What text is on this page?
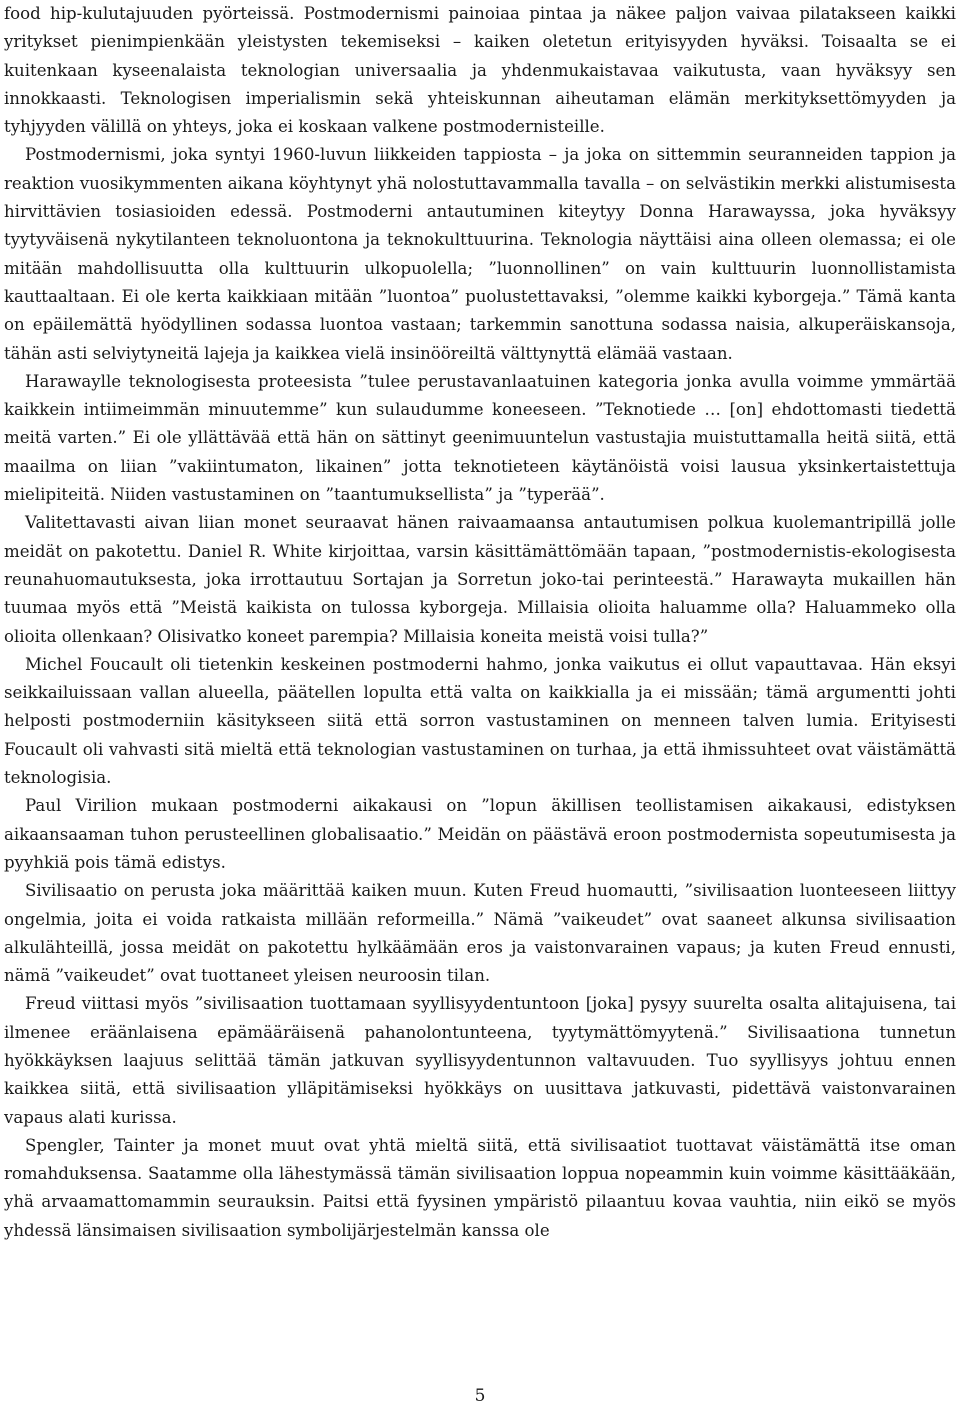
food hip-kulutajuuden pyörteissä. Postmodernismi painoiaa pintaa ja näkee paljon vaivaa pilatakseen kaikki yritykset pienimpienkään yleistysten tekemiseksi – kaiken oletetun erityisyyden hyväksi. Toisaalta se ei kuitenkaan kyseenalaista teknologian universaalia ja yhdenmukaistavaa vaikutusta, vaan hyväksyy sen innokkaasti. Teknologisen imperialismin sekä yhteiskunnan aiheutaman elämän merkityksettömyyden ja tyhjyyden välillä on yhteys, joka ei koskaan valkene postmodernisteille.

Postmodernismi, joka syntyi 1960-luvun liikkeiden tappiosta – ja joka on sittemmin seuranneiden tappion ja reaktion vuosikymmenten aikana köyhtynyt yhä nolostuttavammalla tavalla – on selvästikin merkki alistumisesta hirvittävien tosiasioiden edessä. Postmoderni antautuminen kiteytyy Donna Harawayssa, joka hyväksyy tyytyväisenä nykytilanteen teknoluontona ja teknokulttuurina. Teknologia näyttäisi aina olleen olemassa; ei ole mitään mahdollisuutta olla kulttuurin ulkopuolella; ”luonnollinen” on vain kulttuurin luonnollistamista kauttaaltaan. Ei ole kerta kaikkiaan mitään ”luontoa” puolustettavaksi, ”olemme kaikki kyborgeja.” Tämä kanta on epäilemättä hyödyllinen sodassa luontoa vastaan; tarkemmin sanottuna sodassa naisia, alkuperäiskansoja, tähän asti selviytyneitä lajeja ja kaikkea vielä insinööreiltä välttynyttä elämää vastaan.

Harawaylle teknologisesta proteesista ”tulee perustavanlaatuinen kategoria jonka avulla voimme ymmärtää kaikkein intiimeimmän minuutemme” kun sulaudumme koneeseen. ”Teknotiede … [on] ehdottomasti tiedettä meitä varten.” Ei ole yllättävää että hän on sättinyt geenimuuntelun vastustajia muistuttamalla heitä siitä, että maailma on liian ”vakiintumaton, likainen” jotta teknotieteen käytänöistä voisi lausua yksinkertaistettuja mielipiteitä. Niiden vastustaminen on ”taantumuksellista” ja ”typerää”.

Valitettavasti aivan liian monet seuraavat hänen raivaamaansa antautumisen polkua kuolemantripillä jolle meidät on pakotettu. Daniel R. White kirjoittaa, varsin käsittämättömään tapaan, ”postmodernistis-ekologisesta reunahuomautuksesta, joka irrottautuu Sortajan ja Sorretun joko-tai perinteestä.” Harawayta mukaillen hän tuumaa myös että ”Meistä kaikista on tulossa kyborgeja. Millaisia olioita haluamme olla? Haluammeko olla olioita ollenkaan? Olisivatko koneet parempia? Millaisia koneita meistä voisi tulla?”

Michel Foucault oli tietenkin keskeinen postmoderni hahmo, jonka vaikutus ei ollut vapauttavaa. Hän eksyi seikkailuissaan vallan alueella, päätellen lopulta että valta on kaikkialla ja ei missään; tämä argumentti johti helposti postmoderniin käsitykseen siitä että sorron vastustaminen on menneen talven lumia. Erityisesti Foucault oli vahvasti sitä mieltä että teknologian vastustaminen on turhaa, ja että ihmissuhteet ovat väistämättä teknologisia.

Paul Virilion mukaan postmoderni aikakausi on ”lopun äkillisen teollistamisen aikakausi, edistyksen aikaansaaman tuhon perusteellinen globalisaatio.” Meidän on päästävä eroon postmodernista sopeutumisesta ja pyyhkiä pois tämä edistys.

Sivilisaatio on perusta joka määrittää kaiken muun. Kuten Freud huomautti, ”sivilisaation luonteeseen liittyy ongelmia, joita ei voida ratkaista millään reformeilla.” Nämä ”vaikeudet” ovat saaneet alkunsa sivilisaation alkulähteillä, jossa meidät on pakotettu hylkäämään eros ja vaistonvarainen vapaus; ja kuten Freud ennusti, nämä ”vaikeudet” ovat tuottaneet yleisen neuroosin tilan.

Freud viittasi myös ”sivilisaation tuottamaan syyllisyydentuntoon [joka] pysyy suurelta osalta alitajuisena, tai ilmenee eräänlaisena epämääräisenä pahanolontunteena, tyytymättömyytenä.” Sivilisaationa tunnetun hyökkäyksen laajuus selittää tämän jatkuvan syyllisyydentunnon valtavuuden. Tuo syyllisyys johtuu ennen kaikkea siitä, että sivilisaation ylläpitämiseksi hyökkäys on uusittava jatkuvasti, pidettävä vaistonvarainen vapaus alati kurissa.

Spengler, Tainter ja monet muut ovat yhtä mieltä siitä, että sivilisaatiot tuottavat väistämättä itse oman romahduksensa. Saatamme olla lähestymässä tämän sivilisaation loppua nopeammin kuin voimme käsittääkään, yhä arvaamattomammin seurauksin. Paitsi että fyysinen ympäristö pilaantuu kovaa vauhtia, niin eikö se myös yhdessä länsimaisen sivilisaation symbolijärjestelmän kanssa ole

5
